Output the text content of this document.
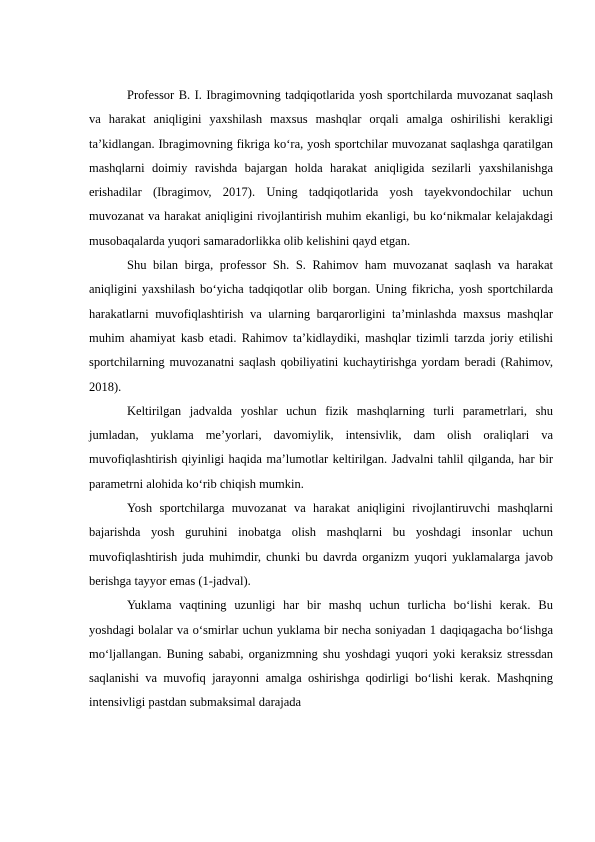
Professor B. I. Ibragimovning tadqiqotlarida yosh sportchilarda muvozanat saqlash va harakat aniqligini yaxshilash maxsus mashqlar orqali amalga oshirilishi kerakligi ta’kidlangan. Ibragimovning fikriga ko‘ra, yosh sportchilar muvozanat saqlashga qaratilgan mashqlarni doimiy ravishda bajargan holda harakat aniqligida sezilarli yaxshilanishga erishadilar (Ibragimov, 2017). Uning tadqiqotlarida yosh tayekvondochilar uchun muvozanat va harakat aniqligini rivojlantirish muhim ekanligi, bu ko‘nikmalar kelajakdagi musobaqalarda yuqori samaradorlikka olib kelishini qayd etgan.

Shu bilan birga, professor Sh. S. Rahimov ham muvozanat saqlash va harakat aniqligini yaxshilash bo‘yicha tadqiqotlar olib borgan. Uning fikricha, yosh sportchilarda harakatlarni muvofiqlashtirish va ularning barqarorligini ta’minlashda maxsus mashqlar muhim ahamiyat kasb etadi. Rahimov ta’kidlaydiki, mashqlar tizimli tarzda joriy etilishi sportchilarning muvozanatni saqlash qobiliyatini kuchaytirishga yordam beradi (Rahimov, 2018).

Keltirilgan jadvalda yoshlar uchun fizik mashqlarning turli parametrlari, shu jumladan, yuklama me’yorlari, davomiylik, intensivlik, dam olish oraliqlari va muvofiqlashtirish qiyinligi haqida ma’lumotlar keltirilgan. Jadvalni tahlil qilganda, har bir parametrni alohida ko‘rib chiqish mumkin.

Yosh sportchilarga muvozanat va harakat aniqligini rivojlantiruvchi mashqlarni bajarishda yosh guruhini inobatga olish mashqlarni bu yoshdagi insonlar uchun muvofiqlashtirish juda muhimdir, chunki bu davrda organizm yuqori yuklamalarga javob berishga tayyor emas (1-jadval).

Yuklama vaqtining uzunligi har bir mashq uchun turlicha bo‘lishi kerak. Bu yoshdagi bolalar va o‘smirlar uchun yuklama bir necha soniyadan 1 daqiqagacha bo‘lishga mo‘ljallangan. Buning sababi, organizmning shu yoshdagi yuqori yoki keraksiz stressdan saqlanishi va muvofiq jarayonni amalga oshirishga qodirligi bo‘lishi kerak. Mashqning intensivligi pastdan submaksimal darajada
